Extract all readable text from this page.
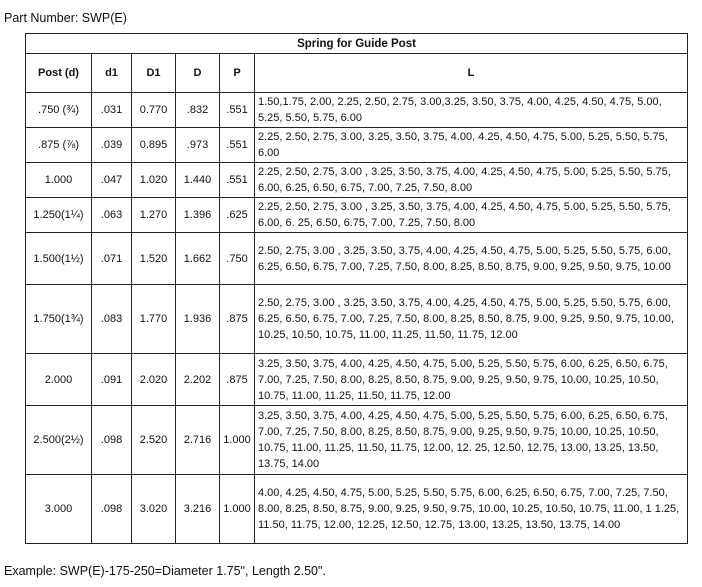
Part Number: SWP(E)
Spring for Guide Post					
Post (d)	d1	D1	D	P	L
.750 (¾)	.031	0.770	.832	.551	1.50,1.75, 2.00, 2.25, 2.50, 2.75, 3.00,3.25, 3.50, 3.75, 4.00, 4.25, 4.50, 4.75, 5.00, 5.25, 5.50, 5.75, 6.00
.875 (⅞)	.039	0.895	.973	.551	2.25, 2.50, 2.75, 3.00, 3.25, 3.50, 3.75, 4.00, 4.25, 4.50, 4.75, 5.00, 5.25, 5.50, 5.75, 6.00
1.000	.047	1.020	1.440	.551	2.25, 2.50, 2.75, 3.00 , 3.25, 3.50, 3.75, 4.00, 4.25, 4.50, 4.75, 5.00, 5.25, 5.50, 5.75, 6.00, 6.25, 6.50, 6.75, 7.00, 7.25, 7.50, 8.00
1.250(1¼)	.063	1.270	1.396	.625	2.25, 2.50, 2.75, 3.00 , 3.25, 3.50, 3.75, 4.00, 4.25, 4.50, 4.75, 5.00, 5.25, 5.50, 5.75, 6.00, 6. 25, 6.50, 6.75, 7.00, 7.25, 7.50, 8.00
1.500(1½)	.071	1.520	1.662	.750	2.50, 2.75, 3.00 , 3.25, 3.50, 3.75, 4.00, 4.25, 4.50, 4.75, 5.00, 5.25, 5.50, 5.75, 6.00, 6.25, 6.50, 6.75, 7.00, 7.25, 7.50, 8.00, 8.25, 8.50, 8.75, 9.00, 9.25, 9.50, 9.75, 10.00
1.750(1¾)	.083	1.770	1.936	.875	2.50, 2.75, 3.00 , 3.25, 3.50, 3.75, 4.00, 4.25, 4.50, 4.75, 5.00, 5.25, 5.50, 5.75, 6.00, 6.25, 6.50, 6.75, 7.00, 7.25, 7.50, 8.00, 8.25, 8.50, 8.75, 9.00, 9.25, 9.50, 9.75, 10.00, 10.25, 10.50, 10.75, 11.00, 11.25, 11.50, 11.75, 12.00
2.000	.091	2.020	2.202	.875	3.25, 3.50, 3.75, 4.00, 4.25, 4.50, 4.75, 5.00, 5.25, 5.50, 5.75, 6.00, 6.25, 6.50, 6.75, 7.00, 7.25, 7.50, 8.00, 8.25, 8.50, 8.75, 9.00, 9.25, 9.50, 9.75, 10.00, 10.25, 10.50, 10.75, 11.00, 11.25, 11.50, 11.75, 12.00
2.500(2½)	.098	2.520	2.716	1.000	3.25, 3.50, 3.75, 4.00, 4.25, 4.50, 4.75, 5.00, 5.25, 5.50, 5.75, 6.00, 6.25, 6.50, 6.75, 7.00, 7.25, 7.50, 8.00, 8.25, 8.50, 8.75, 9.00, 9.25, 9.50, 9.75, 10.00, 10.25, 10.50, 10.75, 11.00, 11.25, 11.50, 11.75, 12.00, 12. 25, 12.50, 12.75, 13.00, 13.25, 13.50, 13.75, 14.00
3.000	.098	3.020	3.216	1.000	4.00, 4.25, 4.50, 4.75, 5.00, 5.25, 5.50, 5.75, 6.00, 6.25, 6.50, 6.75, 7.00, 7.25, 7.50, 8.00, 8.25, 8.50, 8.75, 9.00, 9.25, 9.50, 9.75, 10.00, 10.25, 10.50, 10.75, 11.00, 1 1.25, 11.50, 11.75, 12.00, 12.25, 12.50, 12.75, 13.00, 13.25, 13.50, 13.75, 14.00
Example: SWP(E)-175-250=Diameter 1.75", Length 2.50".
